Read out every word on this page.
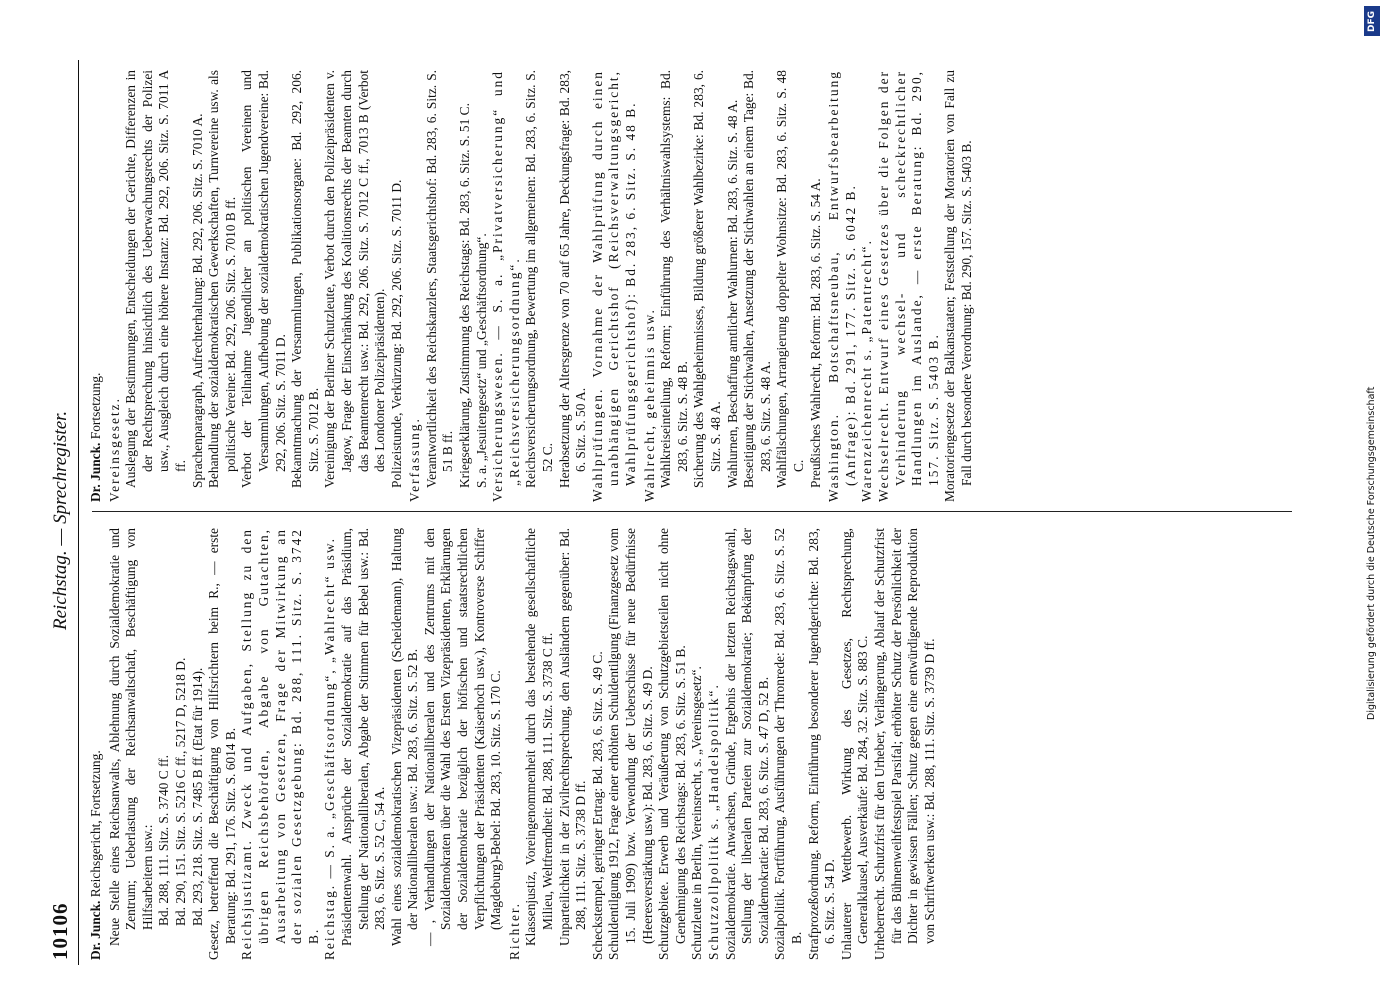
10106
Reichstag. — Sprechregister.

Dr. Junck. Reichsgericht, Fortsetzung. Neue Stelle eines Reichsanwalts, Ablehnung durch Sozialdemokratie und Zentrum; Ueberlastung der Reichsanwaltschaft, Beschäftigung von Hilfsarbeitern usw.: Bd. 288, 111. Sitz. S. 3740 C ff. Bd. 290, 151. Sitz. S. 5216 C ff., 5217 D, 5218 D. Bd. 293, 218. Sitz. S. 7485 B ff. (Etat für 1914). Gesetz, betreffend die Beschäftigung von Hilfsrichtern beim R., — erste Beratung: Bd. 291, 176. Sitz. S. 6014 B. Reichsjustizamt. Zweck und Aufgaben, Stellung zu den übrigen Reichsbehörden, Abgabe von Gutachten, Ausarbeitung von Gesetzen, Frage der Mitwirkung an der sozialen Gesetzgebung: Bd. 288, 111. Sitz. S. 3742 B. Reichstag. — S. a. „Geschäftsordnung“, „Wahlrecht“ usw. Präsidentenwahl. Ansprüche der Sozialdemokratie auf das Präsidium, Stellung der Nationalliberalen, Abgabe der Stimmen für Bebel usw.: Bd. 283, 6. Sitz. S. 52 C, 54 A. Wahl eines sozialdemokratischen Vizepräsidenten (Scheidemann), Haltung der Nationalliberalen usw.: Bd. 283, 6. Sitz. S. 52 B. — , Verhandlungen der Nationalliberalen und des Zentrums mit den Sozialdemokraten über die Wahl des Ersten Vizepräsidenten, Erklärungen der Sozialdemokratie bezüglich der höfischen und staatsrechtlichen Verpflichtungen der Präsidenten (Kaiserhoch usw.), Kontroverse Schiffer (Magdeburg)-Bebel: Bd. 283, 10. Sitz. S. 170 C.

Richter. Klassenjustiz, Voreingenommenheit durch das bestehende gesellschaftliche Milieu, Weltfremdheit: Bd. 288, 111. Sitz. S. 3738 C ff. Unparteilichkeit in der Zivilrechtsprechung, den Ausländern gegenüber: Bd. 288, 111. Sitz. S. 3738 D ff. Scheckstempel, geringer Ertrag: Bd. 283, 6. Sitz. S. 49 C. Schuldentilgung 1912, Frage einer erhöhten Schuldentilgung (Finanzgesetz vom 15. Juli 1909) bzw. Verwendung der Ueberschüsse für neue Bedürfnisse (Heeresverstärkung usw.): Bd. 283, 6. Sitz. S. 49 D. Schutzgebiete. Erwerb und Veräußerung von Schutzgebietsteilen nicht ohne Genehmigung des Reichstags: Bd. 283, 6. Sitz. S. 51 B. Schutzleute in Berlin, Vereinsrecht, s. „Vereinsgesetz“. Schutzzollpolitik s. „Handelspolitik“. Sozialdemokratie. Anwachsen, Gründe, Ergebnis der letzten Reichstagswahl, Stellung der liberalen Parteien zur Sozialdemokratie; Bekämpfung der Sozialdemokratie: Bd. 283, 6. Sitz. S. 47 D, 52 B. Sozialpolitik. Fortführung, Ausführungen der Thronrede: Bd. 283, 6. Sitz. S. 52 B. Strafprozeßordnung. Reform, Einführung besonderer Jugendgerichte: Bd. 283, 6. Sitz. S. 54 D. Unlauterer Wettbewerb. Wirkung des Gesetzes, Rechtsprechung, Generalklausel, Ausverkäufe: Bd. 284, 32. Sitz. S. 883 C. Urheberrecht. Schutzfrist für den Urheber, Verlängerung, Ablauf der Schutzfrist für das Bühnenweihfestspiel Parsifal; erhöhter Schutz der Persönlichkeit der Dichter in gewissen Fällen; Schutz gegen eine entwürdigende Reproduktion von Schriftwerken usw.: Bd. 288, 111. Sitz. S. 3739 D ff.

Dr. Junck. Fortsetzung. Vereinsgesetz. Auslegung der Bestimmungen, Entscheidungen der Gerichte, Differenzen in der Rechtsprechung hinsichtlich des Ueberwachungsrechts der Polizei usw., Ausgleich durch eine höhere Instanz: Bd. 292, 206. Sitz. S. 7011 A ff. Sprachenparagraph, Aufrechterhaltung: Bd. 292, 206. Sitz. S. 7010 A. Behandlung der sozialdemokratischen Gewerkschaften, Turnvereine usw. als politische Vereine: Bd. 292, 206. Sitz. S. 7010 B ff. Verbot der Teilnahme Jugendlicher an politischen Vereinen und Versammlungen, Aufhebung der sozialdemokratischen Jugendvereine: Bd. 292, 206. Sitz. S. 7011 D. Bekanntmachung der Versammlungen, Publikationsorgane: Bd. 292, 206. Sitz. S. 7012 B. Vereinigung der Berliner Schutzleute, Verbot durch den Polizeipräsidenten v. Jagow, Frage der Einschränkung des Koalitionsrechts der Beamten durch das Beamtenrecht usw.: Bd. 292, 206. Sitz. S. 7012 C ff., 7013 B (Verbot des Londoner Polizeipräsidenten). Polizeistunde, Verkürzung: Bd. 292, 206. Sitz. S. 7011 D. Verfassung. Verantwortlichkeit des Reichskanzlers, Staatsgerichtshof: Bd. 283, 6. Sitz. S. 51 B ff. Kriegserklärung, Zustimmung des Reichstags: Bd. 283, 6. Sitz. S. 51 C. S. a. „Jesuitengesetz“ und „Geschäftsordnung“. Versicherungswesen. — S. a. „Privatversicherung“ und „Reichsversicherungsordnung“. Reichsversicherungsordnung, Bewertung im allgemeinen: Bd. 283, 6. Sitz. S. 52 C. Herabsetzung der Altersgrenze von 70 auf 65 Jahre, Deckungsfrage: Bd. 283, 6. Sitz. S. 50 A. Wahlprüfungen. Vornahme der Wahlprüfung durch einen unabhängigen Gerichtshof (Reichsverwaltungsgericht, Wahlprüfungsgerichtshof): Bd. 283, 6. Sitz. S. 48 B. Wahlrecht, geheimnis usw. Wahlkreiseinteilung, Reform; Einführung des Verhältniswahlsystems: Bd. 283, 6. Sitz. S. 48 B. Sicherung des Wahlgeheimnisses, Bildung größerer Wahlbezirke: Bd. 283, 6. Sitz. S. 48 A. Wahlurnen, Beschaffung amtlicher Wahlurnen: Bd. 283, 6. Sitz. S. 48 A. Beseitigung der Stichwahlen, Ansetzung der Stichwahlen an einem Tage: Bd. 283, 6. Sitz. S. 48 A. Wahlfälschungen, Arrangierung doppelter Wohnsitze: Bd. 283, 6. Sitz. S. 48 C. Preußisches Wahlrecht, Reform: Bd. 283, 6. Sitz. S. 54 A. Washington. Botschaftsneubau, Entwurfsbearbeitung (Anfrage): Bd. 291, 177. Sitz. S. 6042 B. Warenzeichenrecht s. „Patentrecht“. Wechselrecht. Entwurf eines Gesetzes über die Folgen der Verhinderung wechsel- und scheckrechtlicher Handlungen im Auslande, — erste Beratung: Bd. 290, 157. Sitz. S. 5403 B. Moratoriengesetze der Balkanstaaten; Feststellung der Moratorien von Fall zu Fall durch besondere Verordnung: Bd. 290, 157. Sitz. S. 5403 B.

DFG
Digitalisierung gefördert durch die Deutsche Forschungsgemeinschaft
